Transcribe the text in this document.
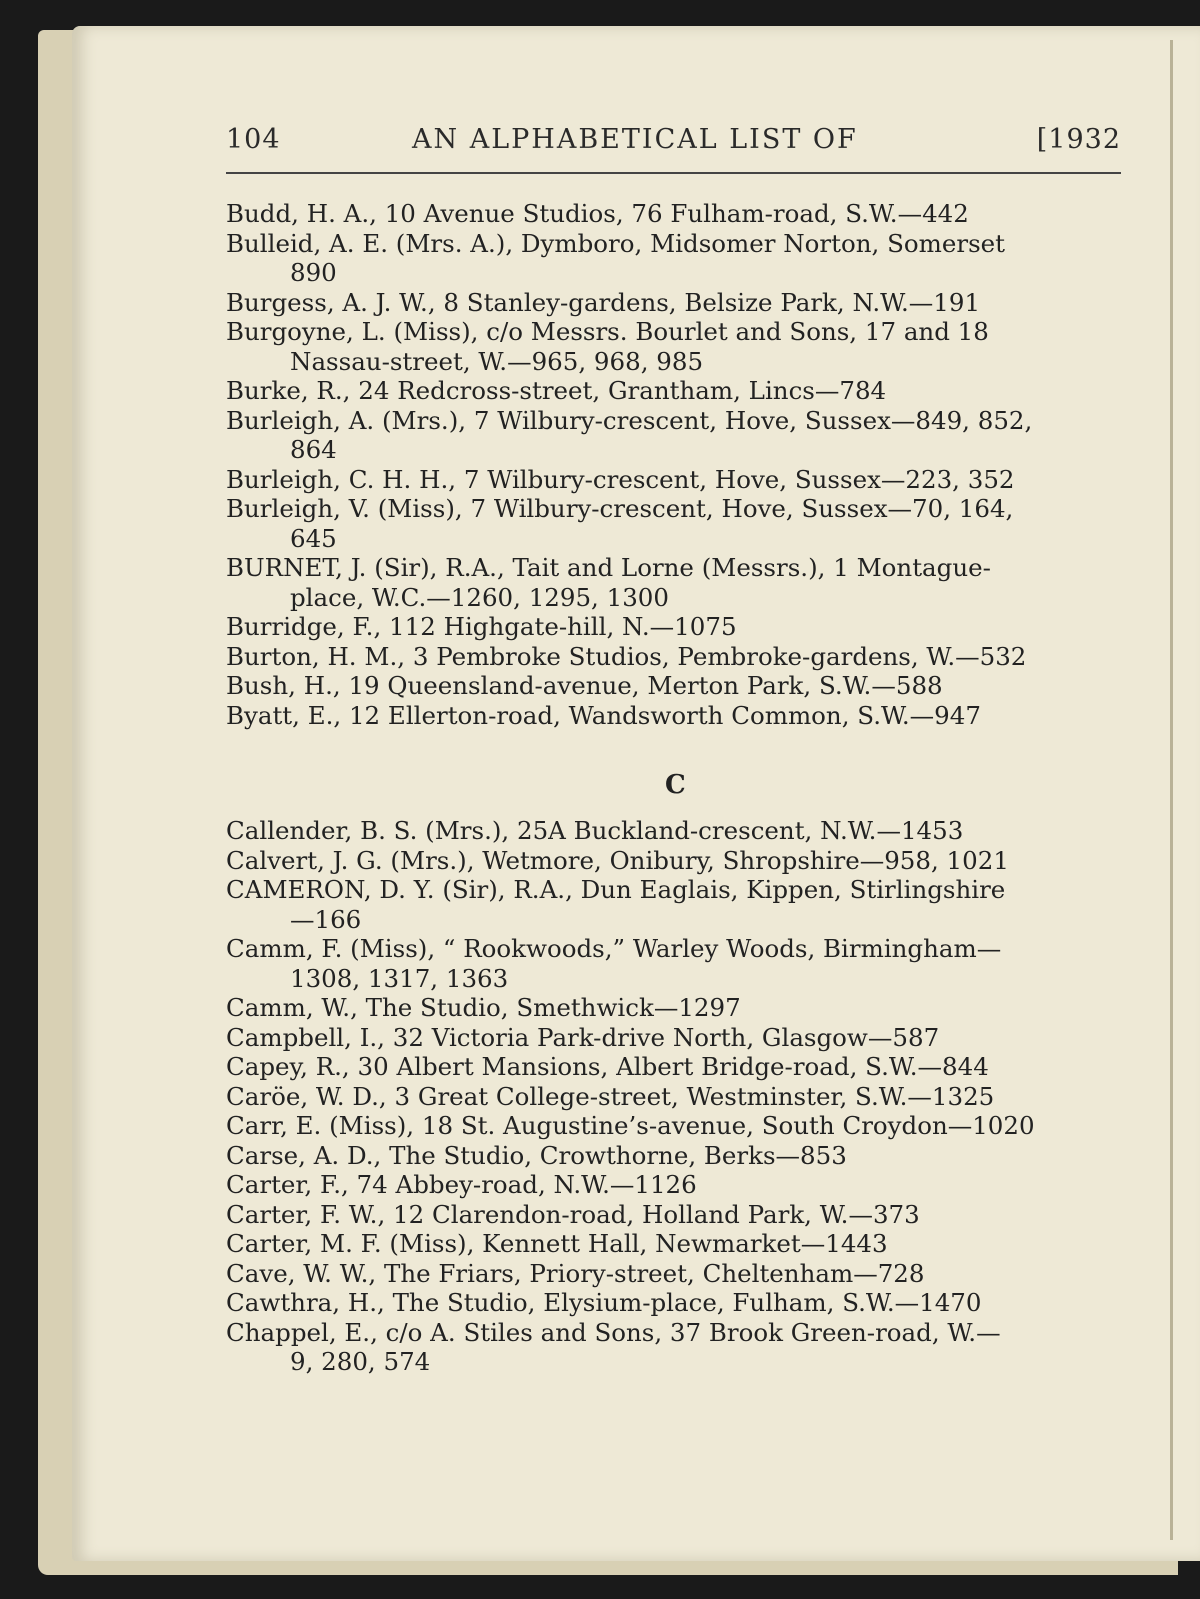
104	AN ALPHABETICAL LIST OF	[1932
Budd, H. A., 10 Avenue Studios, 76 Fulham-road, S.W.—442
Bulleid, A. E. (Mrs. A.), Dymboro, Midsomer Norton, Somerset
890
Burgess, A. J. W., 8 Stanley-gardens, Belsize Park, N.W.—191
Burgoyne, L. (Miss), c/o Messrs. Bourlet and Sons, 17 and 18
Nassau-street, W.—965, 968, 985
Burke, R., 24 Redcross-street, Grantham, Lincs—784
Burleigh, A. (Mrs.), 7 Wilbury-crescent, Hove, Sussex—849, 852,
864
Burleigh, C. H. H., 7 Wilbury-crescent, Hove, Sussex—223, 352
Burleigh, V. (Miss), 7 Wilbury-crescent, Hove, Sussex—70, 164,
645
BURNET, J. (Sir), R.A., Tait and Lorne (Messrs.), 1 Montague-
place, W.C.—1260, 1295, 1300
Burridge, F., 112 Highgate-hill, N.—1075
Burton, H. M., 3 Pembroke Studios, Pembroke-gardens, W.—532
Bush, H., 19 Queensland-avenue, Merton Park, S.W.—588
Byatt, E., 12 Ellerton-road, Wandsworth Common, S.W.—947
C
Callender, B. S. (Mrs.), 25A Buckland-crescent, N.W.—1453
Calvert, J. G. (Mrs.), Wetmore, Onibury, Shropshire—958, 1021
CAMERON, D. Y. (Sir), R.A., Dun Eaglais, Kippen, Stirlingshire
—166
Camm, F. (Miss), “ Rookwoods,” Warley Woods, Birmingham—
1308, 1317, 1363
Camm, W., The Studio, Smethwick—1297
Campbell, I., 32 Victoria Park-drive North, Glasgow—587
Capey, R., 30 Albert Mansions, Albert Bridge-road, S.W.—844
Caröe, W. D., 3 Great College-street, Westminster, S.W.—1325
Carr, E. (Miss), 18 St. Augustine’s-avenue, South Croydon—1020
Carse, A. D., The Studio, Crowthorne, Berks—853
Carter, F., 74 Abbey-road, N.W.—1126
Carter, F. W., 12 Clarendon-road, Holland Park, W.—373
Carter, M. F. (Miss), Kennett Hall, Newmarket—1443
Cave, W. W., The Friars, Priory-street, Cheltenham—728
Cawthra, H., The Studio, Elysium-place, Fulham, S.W.—1470
Chappel, E., c/o A. Stiles and Sons, 37 Brook Green-road, W.—
9, 280, 574
